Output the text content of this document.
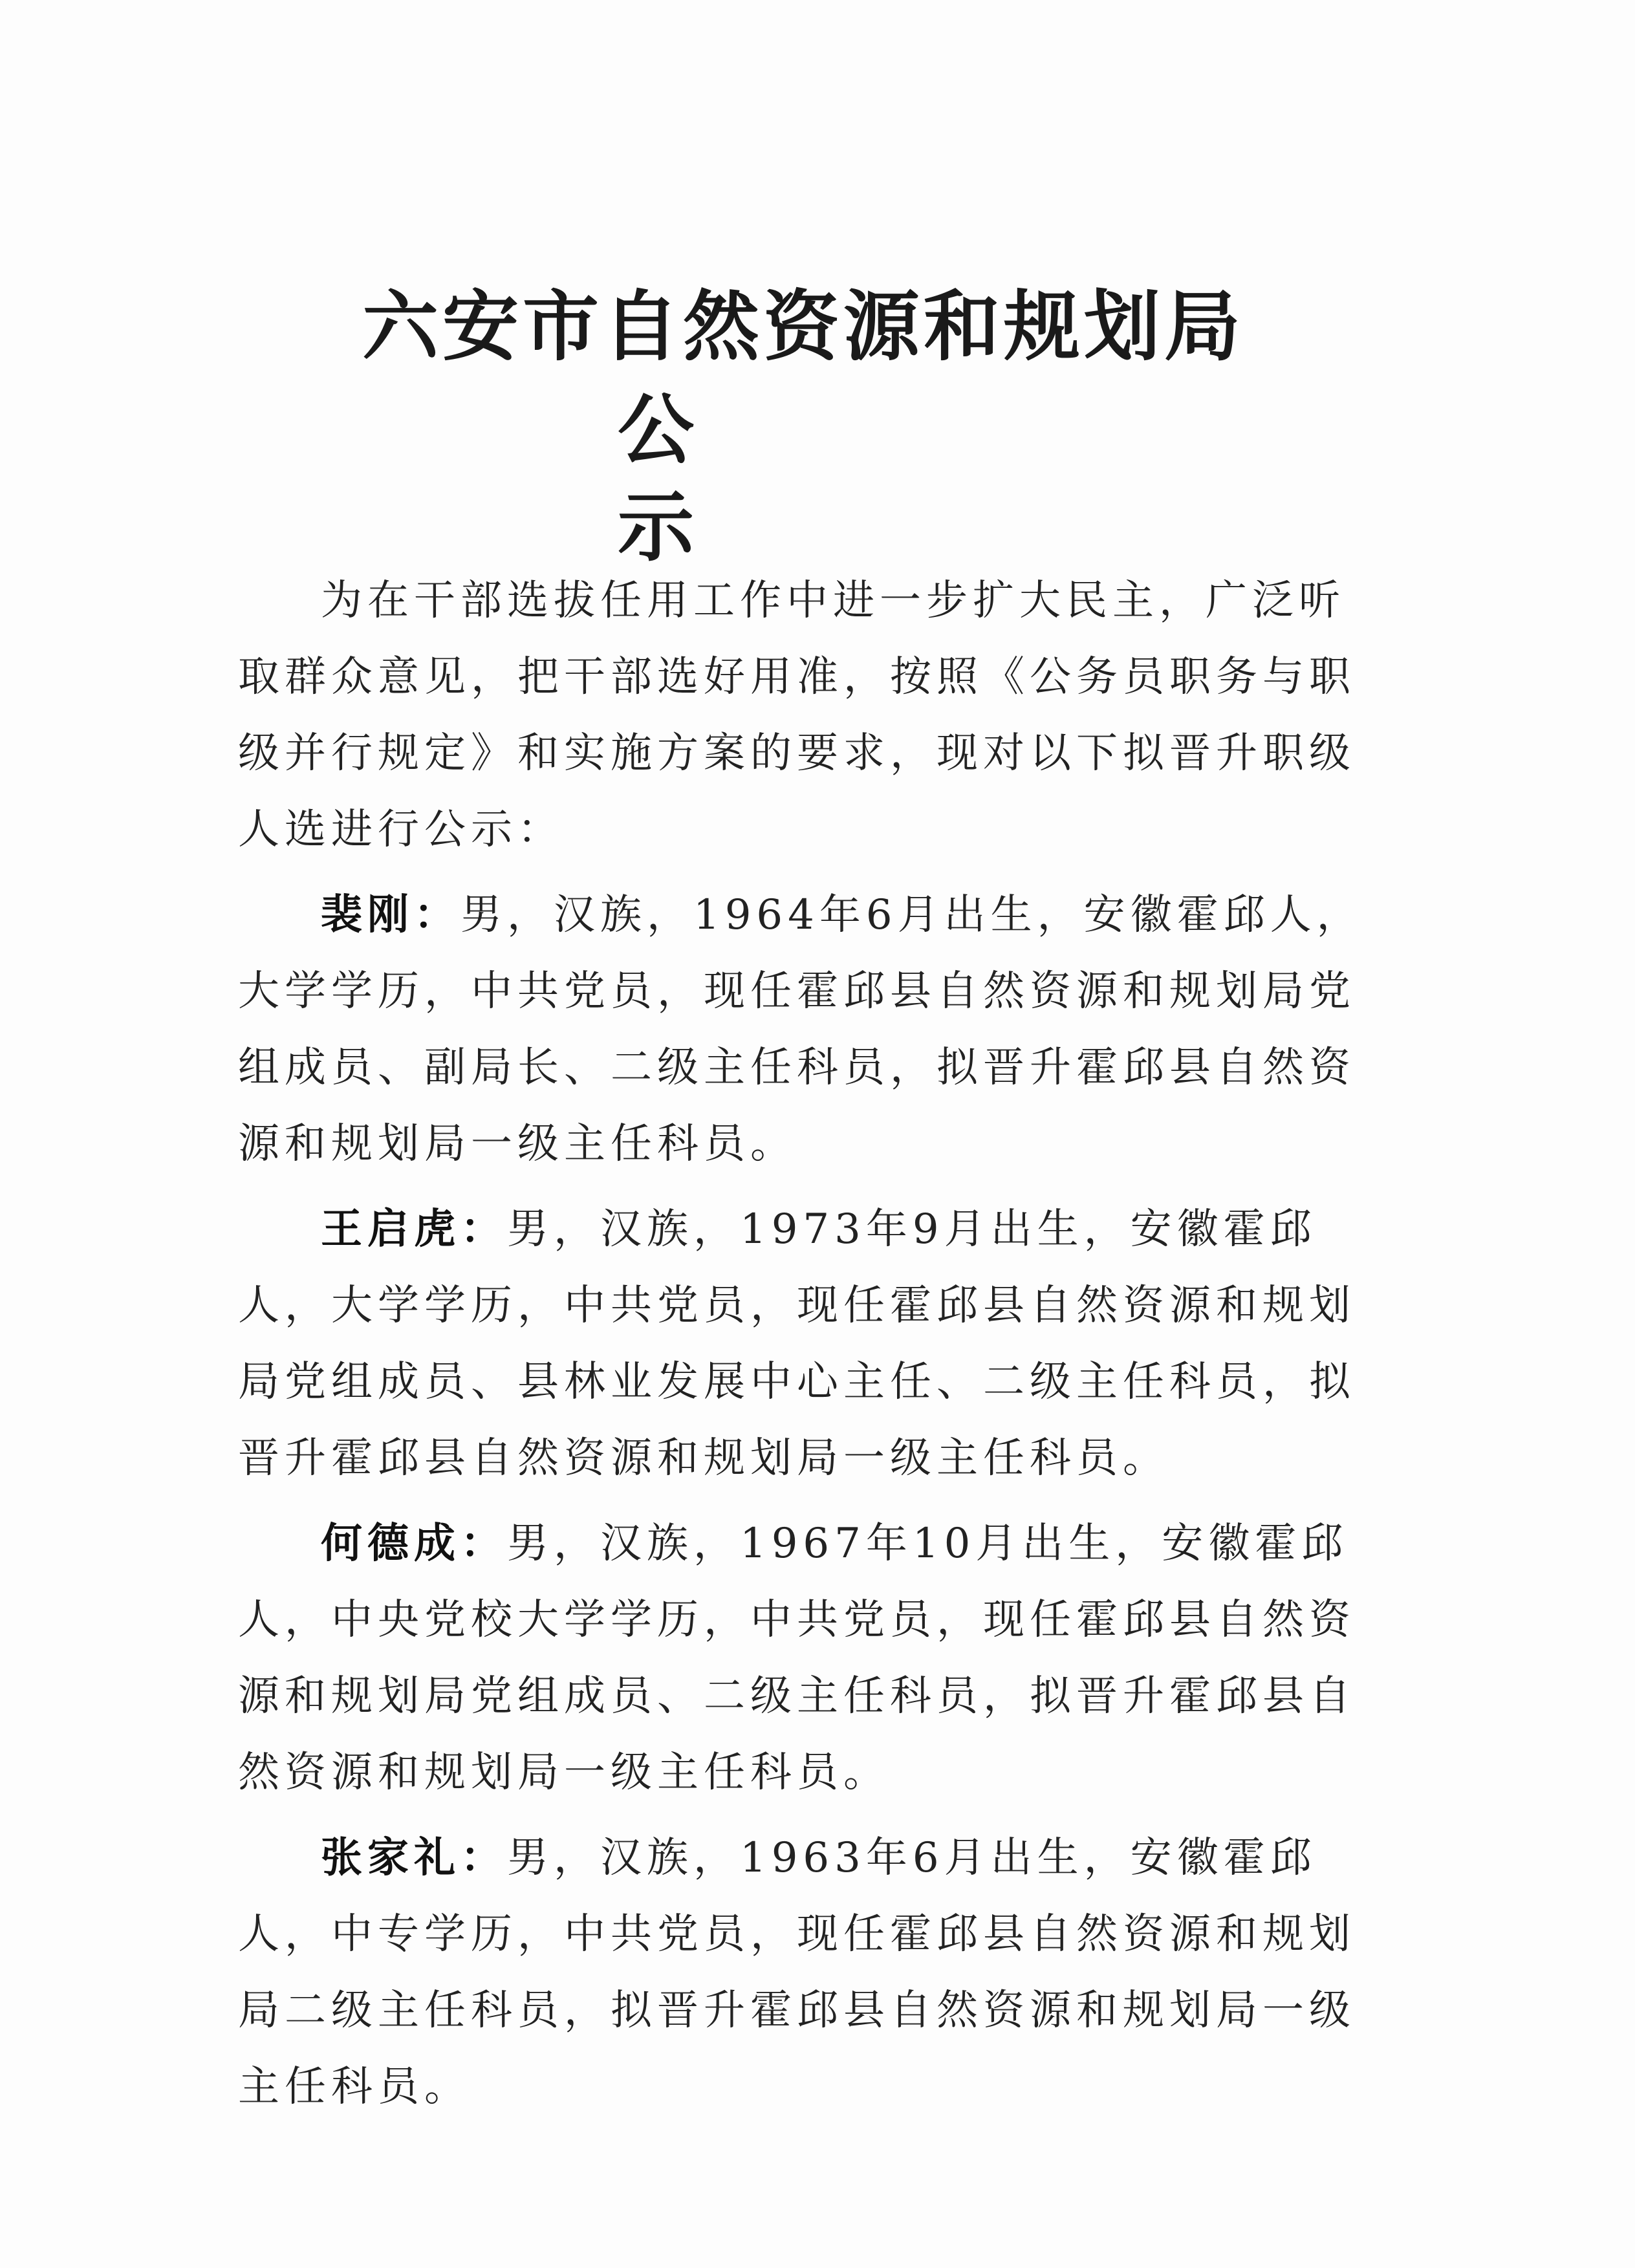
六安市自然资源和规划局
公示

为在干部选拔任用工作中进一步扩大民主，广泛听取群众意见，把干部选好用准，按照《公务员职务与职级并行规定》和实施方案的要求，现对以下拟晋升职级人选进行公示：

裴刚：男，汉族，1964年6月出生，安徽霍邱人，大学学历，中共党员，现任霍邱县自然资源和规划局党组成员、副局长、二级主任科员，拟晋升霍邱县自然资源和规划局一级主任科员。

王启虎：男，汉族，1973年9月出生，安徽霍邱人，大学学历，中共党员，现任霍邱县自然资源和规划局党组成员、县林业发展中心主任、二级主任科员，拟晋升霍邱县自然资源和规划局一级主任科员。

何德成：男，汉族，1967年10月出生，安徽霍邱人，中央党校大学学历，中共党员，现任霍邱县自然资源和规划局党组成员、二级主任科员，拟晋升霍邱县自然资源和规划局一级主任科员。

张家礼：男，汉族，1963年6月出生，安徽霍邱人，中专学历，中共党员，现任霍邱县自然资源和规划局二级主任科员，拟晋升霍邱县自然资源和规划局一级主任科员。
